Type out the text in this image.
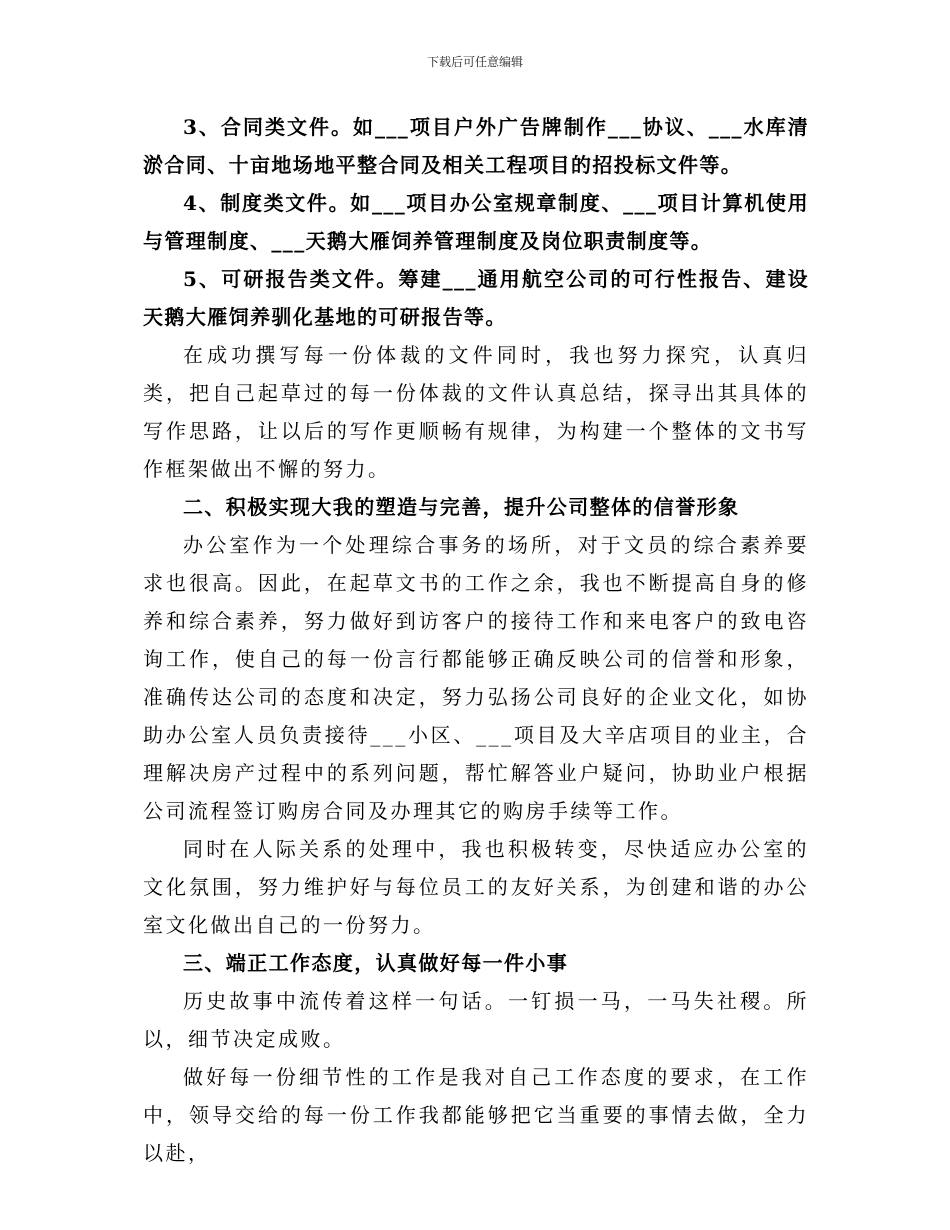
下载后可任意编辑

3、合同类文件。如___项目户外广告牌制作___协议、___水库清淤合同、十亩地场地平整合同及相关工程项目的招投标文件等。

4、制度类文件。如___项目办公室规章制度、___项目计算机使用与管理制度、___天鹅大雁饲养管理制度及岗位职责制度等。

5、可研报告类文件。筹建___通用航空公司的可行性报告、建设天鹅大雁饲养驯化基地的可研报告等。

在成功撰写每一份体裁的文件同时，我也努力探究，认真归类，把自己起草过的每一份体裁的文件认真总结，探寻出其具体的写作思路，让以后的写作更顺畅有规律，为构建一个整体的文书写作框架做出不懈的努力。

二、积极实现大我的塑造与完善，提升公司整体的信誉形象

办公室作为一个处理综合事务的场所，对于文员的综合素养要求也很高。因此，在起草文书的工作之余，我也不断提高自身的修养和综合素养，努力做好到访客户的接待工作和来电客户的致电咨询工作，使自己的每一份言行都能够正确反映公司的信誉和形象，准确传达公司的态度和决定，努力弘扬公司良好的企业文化，如协助办公室人员负责接待___小区、___项目及大辛店项目的业主，合理解决房产过程中的系列问题，帮忙解答业户疑问，协助业户根据公司流程签订购房合同及办理其它的购房手续等工作。

同时在人际关系的处理中，我也积极转变，尽快适应办公室的文化氛围，努力维护好与每位员工的友好关系，为创建和谐的办公室文化做出自己的一份努力。

三、端正工作态度，认真做好每一件小事

历史故事中流传着这样一句话。一钉损一马，一马失社稷。所以，细节决定成败。

做好每一份细节性的工作是我对自己工作态度的要求，在工作中，领导交给的每一份工作我都能够把它当重要的事情去做，全力以赴，
